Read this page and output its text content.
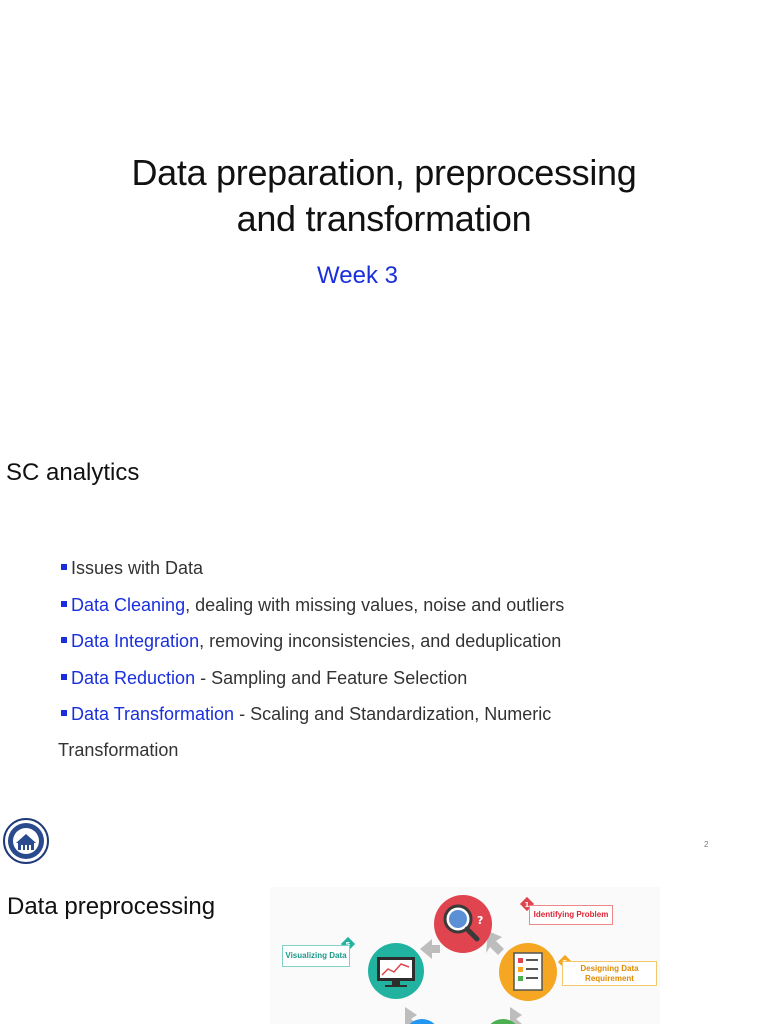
Data preparation, preprocessing
and transformation
Week 3
SC analytics
Issues with Data
Data Cleaning, dealing with missing values, noise and outliers
Data Integration, removing inconsistencies, and deduplication
Data Reduction - Sampling and Feature Selection
Data Transformation - Scaling and Standardization, Numeric
Transformation
2
Data preprocessing
?
1
Identifying Problem
Designing Data Requirement
Visualizing Data
